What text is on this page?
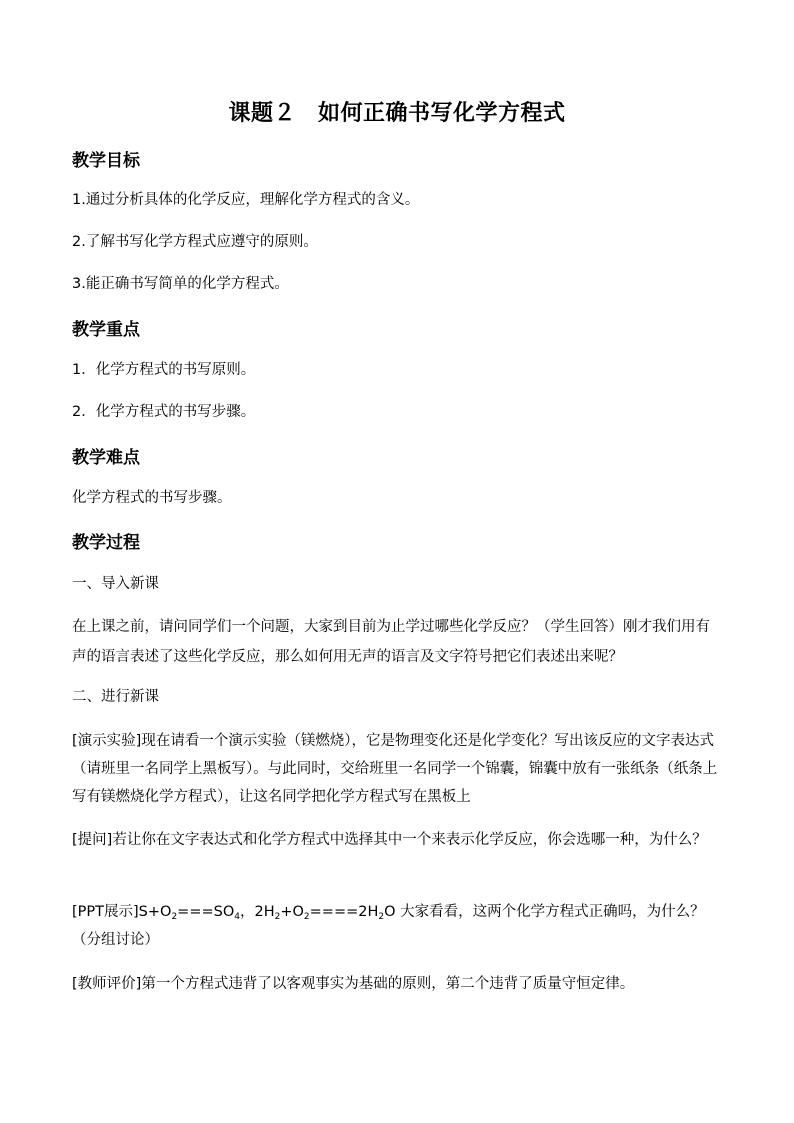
课题２ 如何正确书写化学方程式
教学目标
1.通过分析具体的化学反应，理解化学方程式的含义。
2.了解书写化学方程式应遵守的原则。
3.能正确书写简单的化学方程式。
教学重点
1．化学方程式的书写原则。
2．化学方程式的书写步骤。
教学难点
化学方程式的书写步骤。
教学过程
一、导入新课
在上课之前，请问同学们一个问题，大家到目前为止学过哪些化学反应？（学生回答）刚才我们用有声的语言表述了这些化学反应，那么如何用无声的语言及文字符号把它们表述出来呢？
二、进行新课
[演示实验]现在请看一个演示实验（镁燃烧），它是物理变化还是化学变化？写出该反应的文字表达式（请班里一名同学上黑板写）。与此同时，交给班里一名同学一个锦囊，锦囊中放有一张纸条（纸条上写有镁燃烧化学方程式），让这名同学把化学方程式写在黑板上
[提问]若让你在文字表达式和化学方程式中选择其中一个来表示化学反应，你会选哪一种，为什么？
[PPT展示]$S+O_2===SO_4$，$2H_2+O_2====2H_2O$ 大家看看，这两个化学方程式正确吗，为什么？（分组讨论）
[教师评价]第一个方程式违背了以客观事实为基础的原则，第二个违背了质量守恒定律。
